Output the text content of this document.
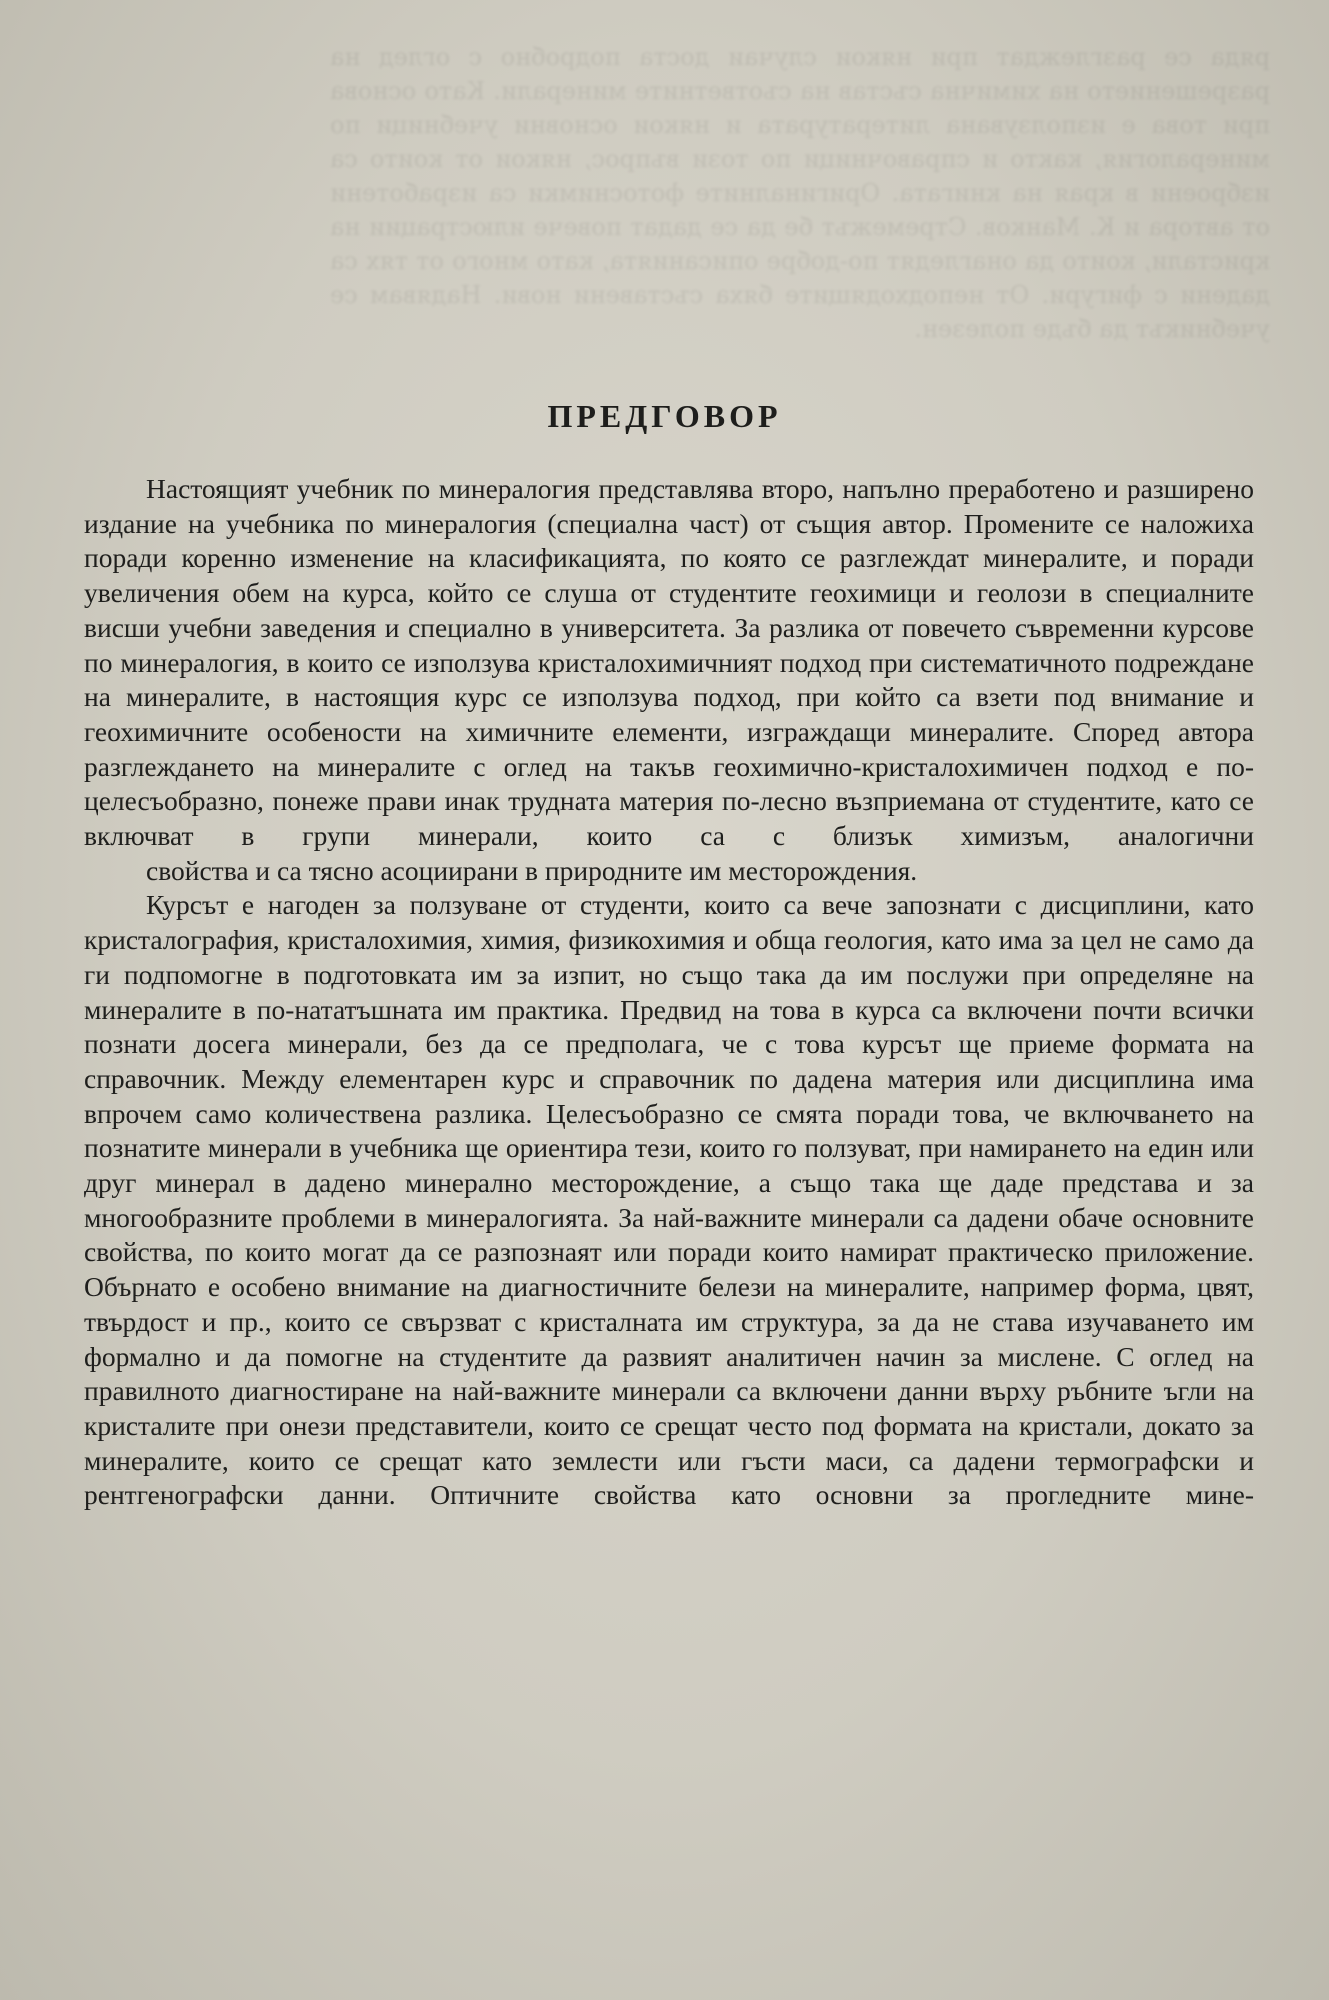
ряда се разглеждат при някои случаи доста подробно с оглед на разрешението на химична състав на съответните минерали. Като основа при това е използувана литературата и някои основни учебници по минералогия, както и справочници по този въпрос, някои от които са изброени в края на книгата. Оригиналните фотоснимки са изработени от автора и К. Манков. Стремежът бе да се дадат повече илюстрации на кристали, които да онагледят по-добре описанията, като много от тях са дадени с фигури. От неподходящите бяха съставени нови. Надявам се учебникът да бъде полезен.
ПРЕДГОВОР

Настоящият учебник по минералогия представлява второ, напълно преработено и разширено издание на учебника по минералогия (специална част) от същия автор. Промените се наложиха поради коренно изменение на класификацията, по която се разглеждат минералите, и поради увеличения обем на курса, който се слуша от студентите геохимици и геолози в специалните висши учебни заведения и специално в университета. За разлика от повечето съвременни курсове по минералогия, в които се използува кристалохимичният подход при систематичното подреждане на минералите, в настоящия курс се използува подход, при който са взети под внимание и геохимичните особености на химичните елементи, изграждащи минералите. Според автора разглеждането на минералите с оглед на такъв геохимично-кристалохимичен подход е по-целесъобразно, понеже прави инак трудната материя по-лесно възприемана от студентите, като се включват в групи минерали, които са с близък химизъм, аналогични
свойства и са тясно асоциирани в природните им месторождения.

Курсът е нагоден за ползуване от студенти, които са вече запознати с дисциплини, като кристалография, кристалохимия, химия, физикохимия и обща геология, като има за цел не само да ги подпомогне в подготовката им за изпит, но също така да им послужи при определяне на минералите в по-нататъшната им практика. Предвид на това в курса са включени почти всички познати досега минерали, без да се предполага, че с това курсът ще приеме формата на справочник. Между елементарен курс и справочник по дадена материя или дисциплина има впрочем само количествена разлика. Целесъобразно се смята поради това, че включването на познатите минерали в учебника ще ориентира тези, които го ползуват, при намирането на един или друг минерал в дадено минерално месторождение, а също така ще даде представа и за многообразните проблеми в минералогията. За най-важните минерали са дадени обаче основните свойства, по които могат да се разпознаят или поради които намират практическо приложение. Обърнато е особено внимание на диагностичните белези на минералите, например форма, цвят, твърдост и пр., които се свързват с кристалната им структура, за да не става изучаването им формално и да помогне на студентите да развият аналитичен начин за мислене. С оглед на правилното диагностиране на най-важните минерали са включени данни върху ръбните ъгли на кристалите при онези представители, които се срещат често под формата на кристали, докато за минералите, които се срещат като землести или гъсти маси, са дадени термографски и рентгенографски данни. Оптичните свойства като основни за прогледните мине-
